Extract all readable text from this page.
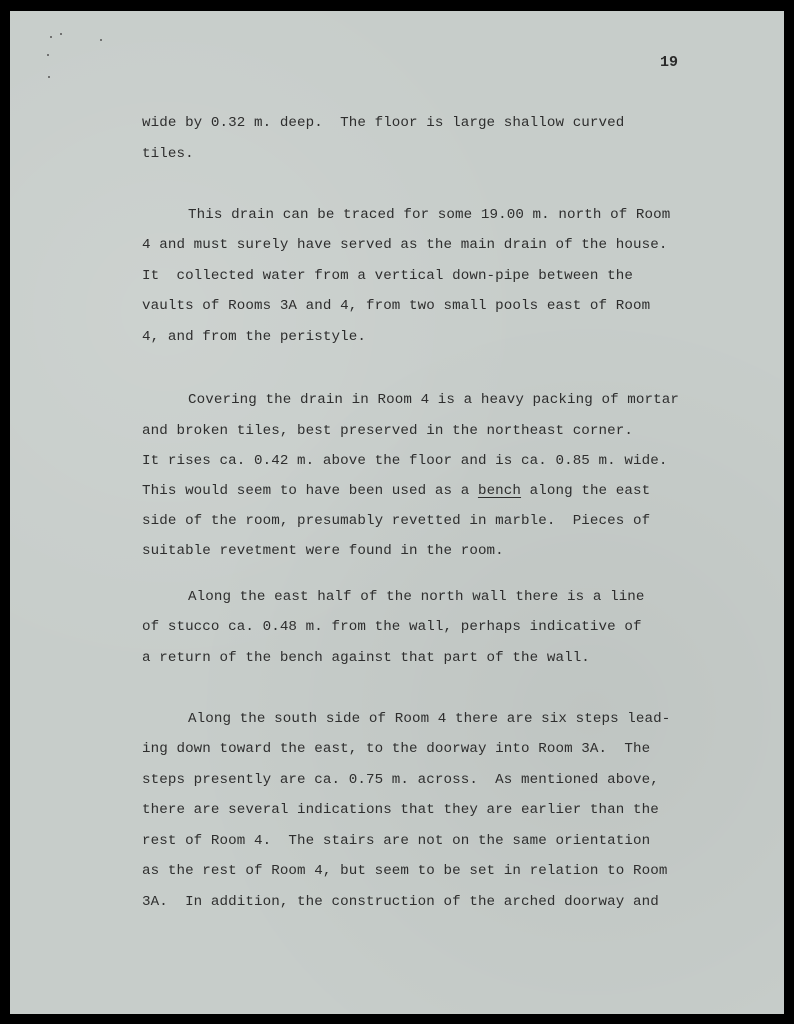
19
wide by 0.32 m. deep.  The floor is large shallow curved
tiles.
This drain can be traced for some 19.00 m. north of Room
4 and must surely have served as the main drain of the house.
It  collected water from a vertical down-pipe between the
vaults of Rooms 3A and 4, from two small pools east of Room
4, and from the peristyle.
Covering the drain in Room 4 is a heavy packing of mortar
and broken tiles, best preserved in the northeast corner.
It rises ca. 0.42 m. above the floor and is ca. 0.85 m. wide.
This would seem to have been used as a bench along the east
side of the room, presumably revetted in marble.  Pieces of
suitable revetment were found in the room.
Along the east half of the north wall there is a line
of stucco ca. 0.48 m. from the wall, perhaps indicative of
a return of the bench against that part of the wall.
Along the south side of Room 4 there are six steps lead-
ing down toward the east, to the doorway into Room 3A.  The
steps presently are ca. 0.75 m. across.  As mentioned above,
there are several indications that they are earlier than the
rest of Room 4.  The stairs are not on the same orientation
as the rest of Room 4, but seem to be set in relation to Room
3A.  In addition, the construction of the arched doorway and
